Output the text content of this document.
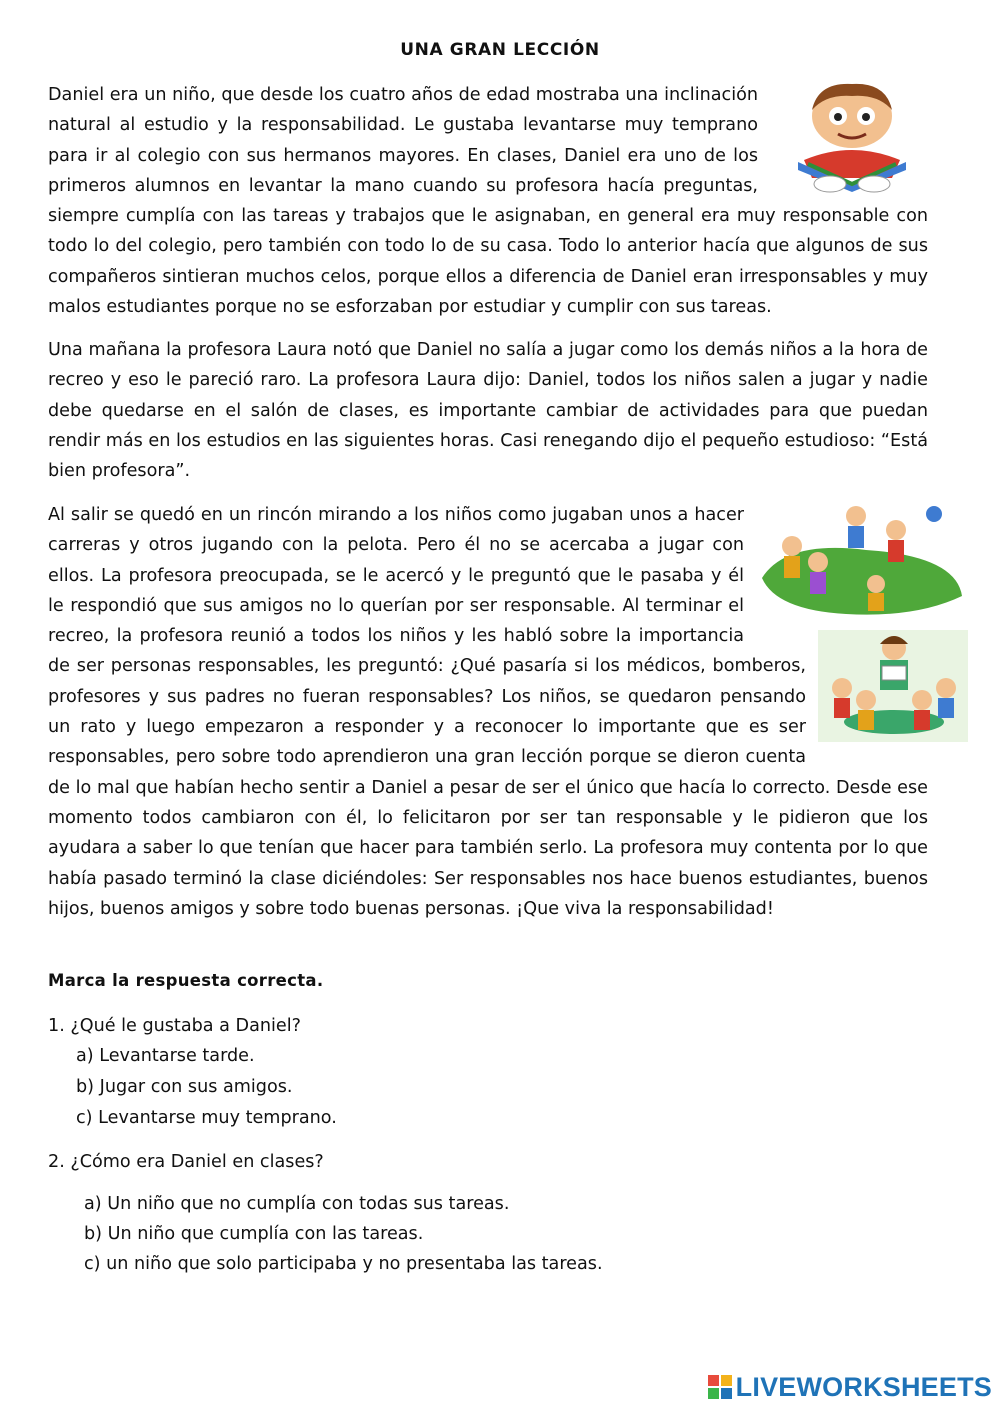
UNA GRAN LECCIÓN
Daniel era un niño, que desde los cuatro años de edad mostraba una inclinación natural al estudio y la responsabilidad. Le gustaba levantarse muy temprano para ir al colegio con sus hermanos mayores. En clases, Daniel era uno de los primeros alumnos en levantar la mano cuando su profesora hacía preguntas, siempre cumplía con las tareas y trabajos que le asignaban, en general era muy responsable con todo lo del colegio, pero también con todo lo de su casa. Todo lo anterior hacía que algunos de sus compañeros sintieran muchos celos, porque ellos a diferencia de Daniel eran irresponsables y muy malos estudiantes porque no se esforzaban por estudiar y cumplir con sus tareas.
Una mañana la profesora Laura notó que Daniel no salía a jugar como los demás niños a la hora de recreo y eso le pareció raro. La profesora Laura dijo: Daniel, todos los niños salen a jugar y nadie debe quedarse en el salón de clases, es importante cambiar de actividades para que puedan rendir más en los estudios en las siguientes horas. Casi renegando dijo el pequeño estudioso: “Está bien profesora”.
Al salir se quedó en un rincón mirando a los niños como jugaban unos a hacer carreras y otros jugando con la pelota. Pero él no se acercaba a jugar con ellos. La profesora preocupada, se le acercó y le preguntó que le pasaba y él le respondió que sus amigos no lo querían por ser responsable. Al terminar el recreo, la profesora reunió a todos los niños y les habló sobre la importancia de ser personas responsables, les preguntó: ¿Qué pasaría si los médicos, bomberos, profesores y sus padres no fueran responsables? Los niños, se quedaron pensando un rato y luego empezaron a responder y a reconocer lo importante que es ser responsables, pero sobre todo aprendieron una gran lección porque se dieron cuenta de lo mal que habían hecho sentir a Daniel a pesar de ser el único que hacía lo correcto. Desde ese momento todos cambiaron con él, lo felicitaron por ser tan responsable y le pidieron que los ayudara a saber lo que tenían que hacer para también serlo. La profesora muy contenta por lo que había pasado terminó la clase diciéndoles: Ser responsables nos hace buenos estudiantes, buenos hijos, buenos amigos y sobre todo buenas personas. ¡Que viva la responsabilidad!

Marca la respuesta correcta.

1. ¿Qué le gustaba a Daniel?

a) Levantarse tarde.

b) Jugar con sus amigos.

c) Levantarse muy temprano.

2. ¿Cómo era Daniel en clases?

a) Un niño que no cumplía con todas sus tareas.

b) Un niño que cumplía con las tareas.

c) un niño que solo participaba y no presentaba las tareas.

LIVEWORKSHEETS
